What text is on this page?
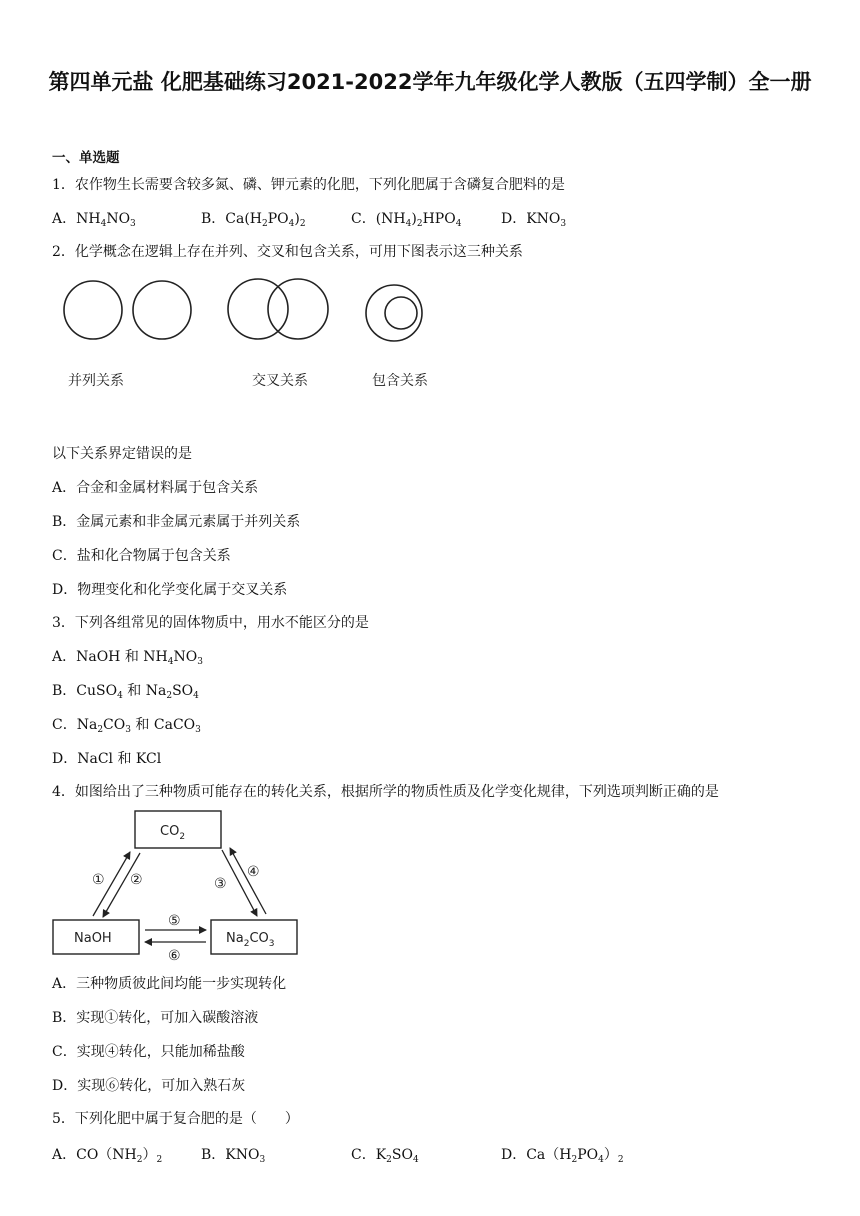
第四单元盐 化肥基础练习2021-2022学年九年级化学人教版（五四学制）全一册
一、单选题
1．农作物生长需要含较多氮、磷、钾元素的化肥，下列化肥属于含磷复合肥料的是
A．$NH_4NO_3$	B．$Ca(H_2PO_4)_2$	C．$(NH_4)_2HPO_4$	D．$KNO_3$
2．化学概念在逻辑上存在并列、交叉和包含关系，可用下图表示这三种关系
并列关系	交叉关系	包含关系
以下关系界定错误的是
A．合金和金属材料属于包含关系
B．金属元素和非金属元素属于并列关系
C．盐和化合物属于包含关系
D．物理变化和化学变化属于交叉关系
3．下列各组常见的固体物质中，用水不能区分的是
A．NaOH 和 $NH_4NO_3$
B．CuSO$_4$ 和 $Na_2SO_4$
C．$Na_2CO_3$ 和 CaCO$_3$
D．NaCl 和 KCl
4．如图给出了三种物质可能存在的转化关系，根据所学的物质性质及化学变化规律，下列选项判断正确的是
$CO_2$
NaOH	$Na_2CO_3$
① ②	③
④
⑤
⑥
A．三种物质彼此间均能一步实现转化
B．实现①转化，可加入碳酸溶液
C．实现④转化，只能加稀盐酸
D．实现⑥转化，可加入熟石灰
5．下列化肥中属于复合肥的是（　　）
A．$CO(NH_2)_2$	B．$KNO_3$	C．$K_2SO_4$	D．$Ca(H_2PO_4)_2$
